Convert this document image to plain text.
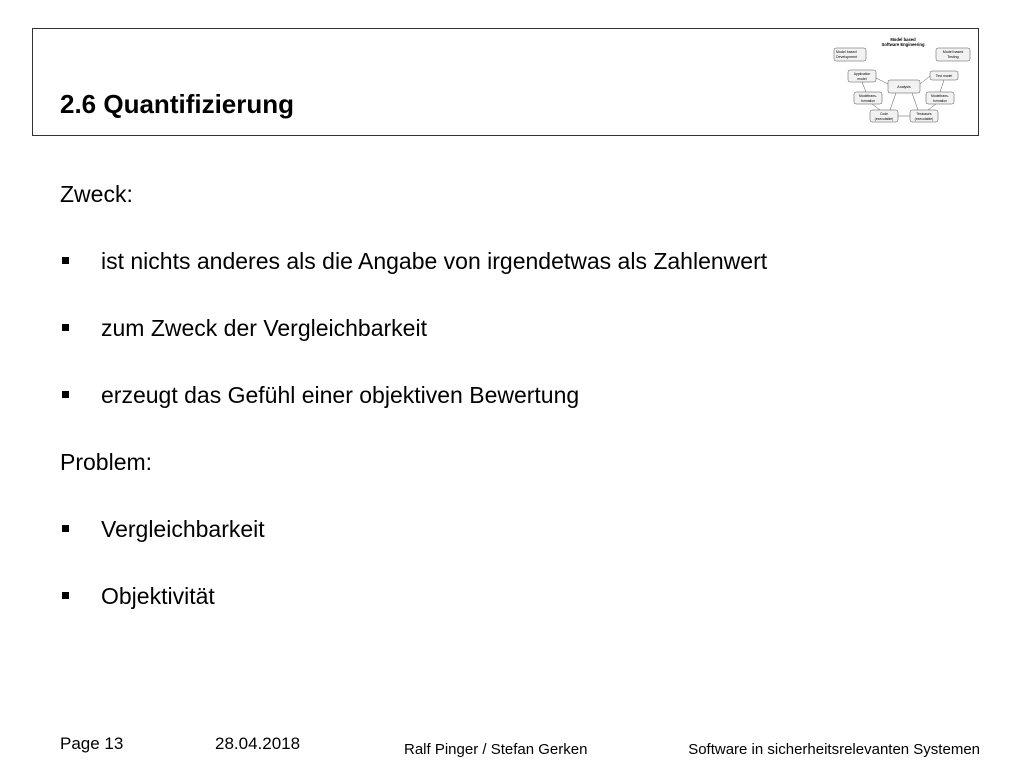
2.6 Quantifizierung
Model based
Software Engineering
Model based
Development
Model based
Testing
Application
model
Test model
Analysis
Modeltrans-
formation
Modeltrans-
formation
Code
(executable)
Testcases
(executable)

Zweck:

ist nichts anderes als die Angabe von irgendetwas als Zahlenwert
zum Zweck der Vergleichbarkeit
erzeugt das Gefühl einer objektiven Bewertung

Problem:

Vergleichbarkeit
Objektivität
Page 13	28.04.2018	Ralf Pinger / Stefan Gerken	Software in sicherheitsrelevanten Systemen
